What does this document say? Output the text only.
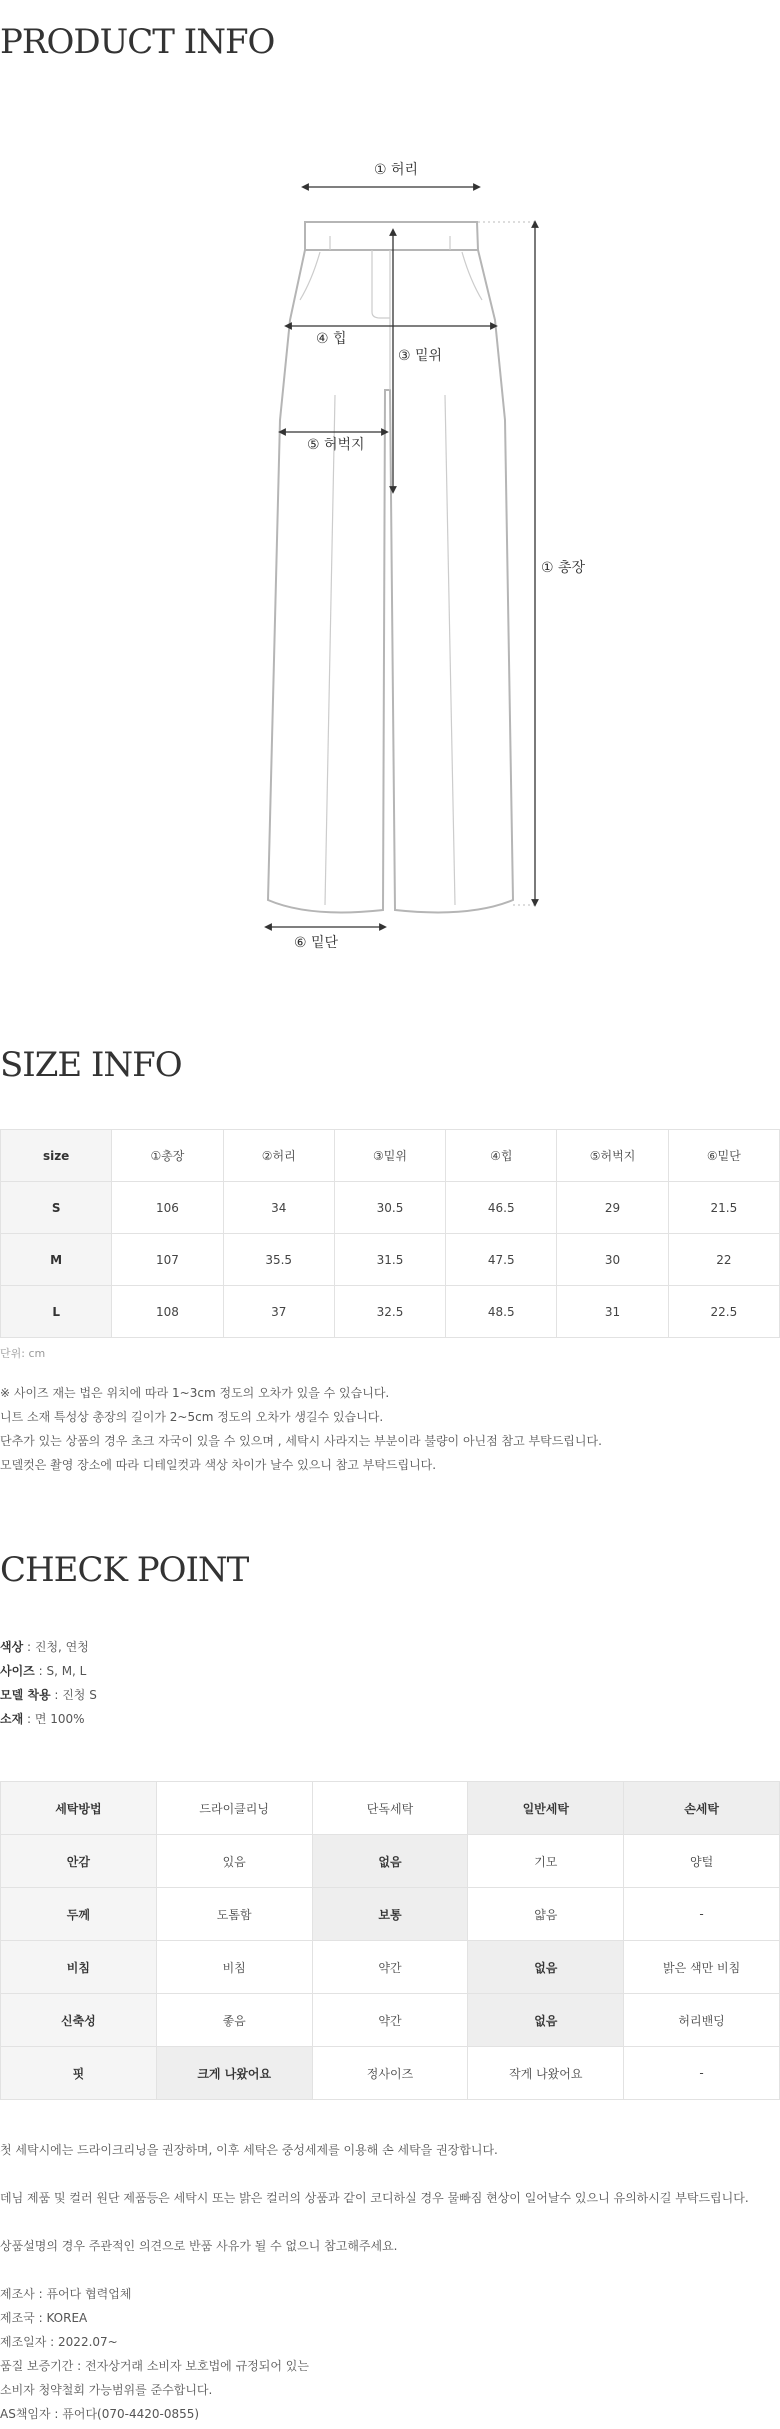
PRODUCT INFO
① 허리
④ 힙
③ 밑위
⑤ 허벅지
① 총장
⑥ 밑단
SIZE INFO
size	①총장	②허리	③밑위	④힙	⑤허벅지	⑥밑단
S	106	34	30.5	46.5	29	21.5
M	107	35.5	31.5	47.5	30	22
L	108	37	32.5	48.5	31	22.5
단위: cm
※ 사이즈 재는 법은 위치에 따라 1~3cm 정도의 오차가 있을 수 있습니다.
니트 소재 특성상 총장의 길이가 2~5cm 정도의 오차가 생길수 있습니다.
단추가 있는 상품의 경우 초크 자국이 있을 수 있으며 , 세탁시 사라지는 부분이라 불량이 아닌점 참고 부탁드립니다.
모델컷은 촬영 장소에 따라 디테일컷과 색상 차이가 날수 있으니 참고 부탁드립니다.
CHECK POINT
색상 : 진청, 연청
사이즈 : S, M, L
모델 착용 : 진청 S
소재 : 면 100%
세탁방법	드라이클리닝	단독세탁	일반세탁	손세탁
안감	있음	없음	기모	양털
두께	도톰함	보통	얇음	-
비침	비침	약간	없음	밝은 색만 비침
신축성	좋음	약간	없음	허리밴딩
핏	크게 나왔어요	정사이즈	작게 나왔어요	-
첫 세탁시에는 드라이크리닝을 권장하며, 이후 세탁은 중성세제를 이용해 손 세탁을 권장합니다.
데님 제품 및 컬러 원단 제품등은 세탁시 또는 밝은 컬러의 상품과 같이 코디하실 경우 물빠짐 현상이 일어날수 있으니 유의하시길 부탁드립니다.
상품설명의 경우 주관적인 의견으로 반품 사유가 될 수 없으니 참고해주세요.
제조사 : 퓨어다 협력업체
제조국 : KOREA
제조일자 : 2022.07~
품질 보증기간 : 전자상거래 소비자 보호법에 규정되어 있는
소비자 청약철회 가능범위를 준수합니다.
AS책임자 : 퓨어다(070-4420-0855)
